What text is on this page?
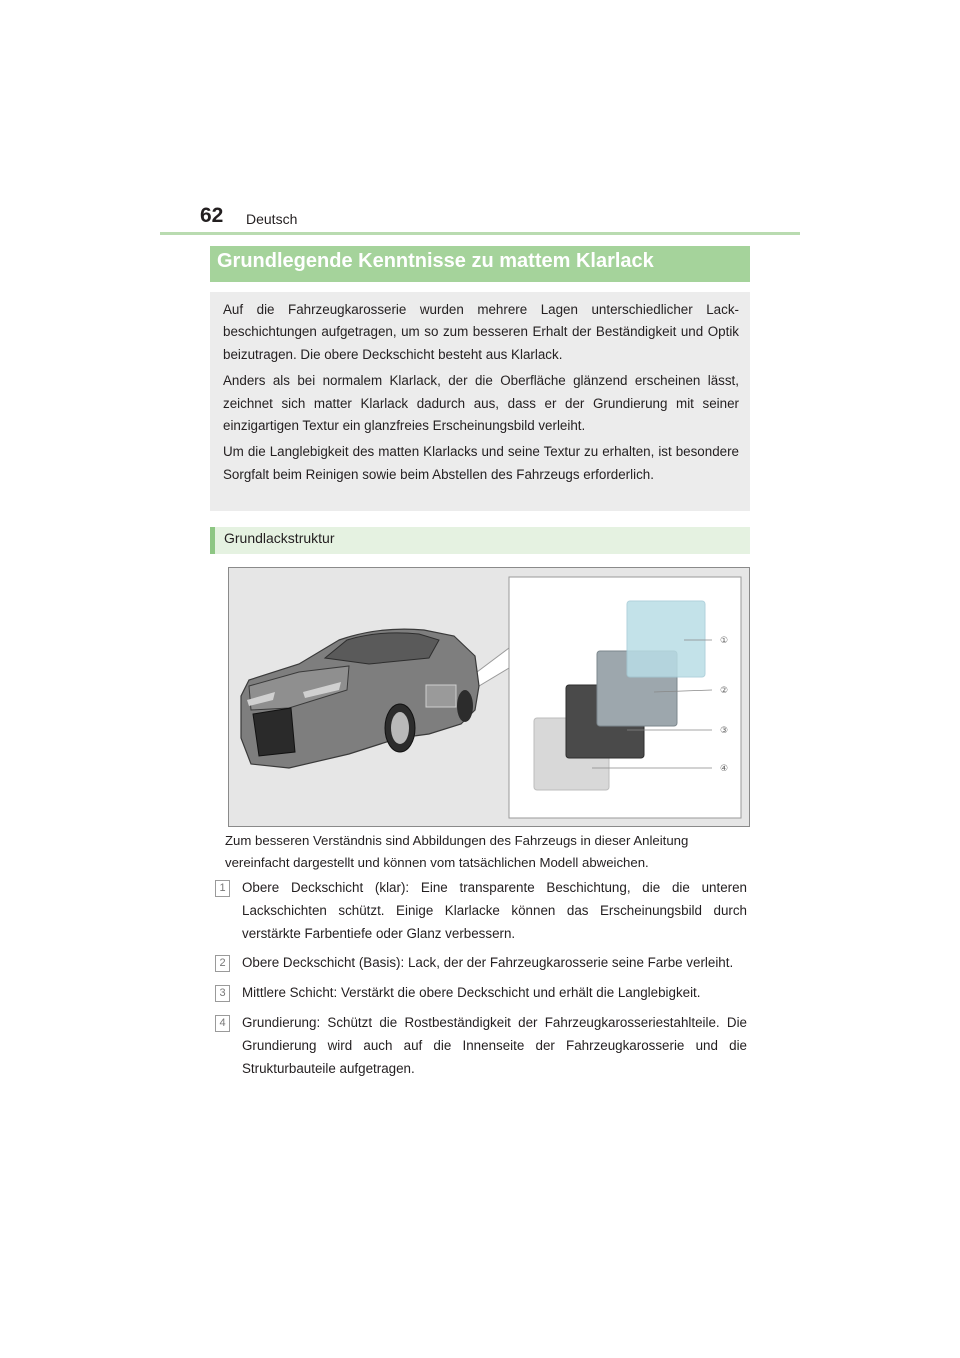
62 Deutsch
Grundlegende Kenntnisse zu mattem Klarlack

Auf die Fahrzeugkarosserie wurden mehrere Lagen unterschiedlicher Lackbeschichtungen aufgetragen, um so zum besseren Erhalt der Beständigkeit und Optik beizutragen. Die obere Deckschicht besteht aus Klarlack.

Anders als bei normalem Klarlack, der die Oberfläche glänzend erscheinen lässt, zeichnet sich matter Klarlack dadurch aus, dass er der Grundierung mit seiner einzigartigen Textur ein glanzfreies Erscheinungsbild verleiht.

Um die Langlebigkeit des matten Klarlacks und seine Textur zu erhalten, ist besondere Sorgfalt beim Reinigen sowie beim Abstellen des Fahrzeugs erforderlich.

Grundlackstruktur
①
②
③
④

Zum besseren Verständnis sind Abbildungen des Fahrzeugs in dieser Anleitung

vereinfacht dargestellt und können vom tatsächlichen Modell abweichen.

1	Obere Deckschicht (klar): Eine transparente Beschichtung, die die unteren Lackschichten schützt. Einige Klarlacke können das Erscheinungsbild durch verstärkte Farbentiefe oder Glanz verbessern.
2	Obere Deckschicht (Basis): Lack, der der Fahrzeugkarosserie seine Farbe verleiht.
3	Mittlere Schicht: Verstärkt die obere Deckschicht und erhält die Langlebigkeit.
4	Grundierung: Schützt die Rostbeständigkeit der Fahrzeugkarosseriestahlteile. Die Grundierung wird auch auf die Innenseite der Fahrzeugkarosserie und die Strukturbauteile aufgetragen.
